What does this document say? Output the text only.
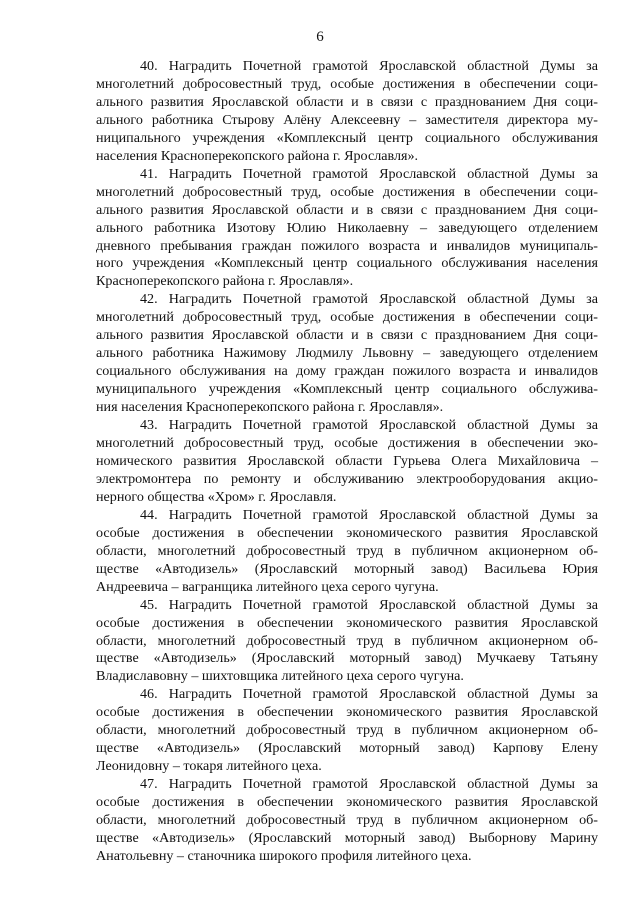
6

40. Наградить Почетной грамотой Ярославской областной Думы за
многолетний добросовестный труд, особые достижения в обеспечении соци-
ального развития Ярославской области и в связи с празднованием Дня соци-
ального работника Стырову Алёну Алексеевну – заместителя директора му-
ниципального учреждения «Комплексный центр социального обслуживания
населения Красноперекопского района г. Ярославля».

41. Наградить Почетной грамотой Ярославской областной Думы за
многолетний добросовестный труд, особые достижения в обеспечении соци-
ального развития Ярославской области и в связи с празднованием Дня соци-
ального работника Изотову Юлию Николаевну – заведующего отделением
дневного пребывания граждан пожилого возраста и инвалидов муниципаль-
ного учреждения «Комплексный центр социального обслуживания населения
Красноперекопского района г. Ярославля».

42. Наградить Почетной грамотой Ярославской областной Думы за
многолетний добросовестный труд, особые достижения в обеспечении соци-
ального развития Ярославской области и в связи с празднованием Дня соци-
ального работника Нажимову Людмилу Львовну – заведующего отделением
социального обслуживания на дому граждан пожилого возраста и инвалидов
муниципального учреждения «Комплексный центр социального обслужива-
ния населения Красноперекопского района г. Ярославля».

43. Наградить Почетной грамотой Ярославской областной Думы за
многолетний добросовестный труд, особые достижения в обеспечении эко-
номического развития Ярославской области Гурьева Олега Михайловича –
электромонтера по ремонту и обслуживанию электрооборудования акцио-
нерного общества «Хром» г. Ярославля.

44. Наградить Почетной грамотой Ярославской областной Думы за
особые достижения в обеспечении экономического развития Ярославской
области, многолетний добросовестный труд в публичном акционерном об-
ществе «Автодизель» (Ярославский моторный завод) Васильева Юрия
Андреевича – вагранщика литейного цеха серого чугуна.

45. Наградить Почетной грамотой Ярославской областной Думы за
особые достижения в обеспечении экономического развития Ярославской
области, многолетний добросовестный труд в публичном акционерном об-
ществе «Автодизель» (Ярославский моторный завод) Мучкаеву Татьяну
Владиславовну – шихтовщика литейного цеха серого чугуна.

46. Наградить Почетной грамотой Ярославской областной Думы за
особые достижения в обеспечении экономического развития Ярославской
области, многолетний добросовестный труд в публичном акционерном об-
ществе «Автодизель» (Ярославский моторный завод) Карпову Елену
Леонидовну – токаря литейного цеха.

47. Наградить Почетной грамотой Ярославской областной Думы за
особые достижения в обеспечении экономического развития Ярославской
области, многолетний добросовестный труд в публичном акционерном об-
ществе «Автодизель» (Ярославский моторный завод) Выборнову Марину
Анатольевну – станочника широкого профиля литейного цеха.
